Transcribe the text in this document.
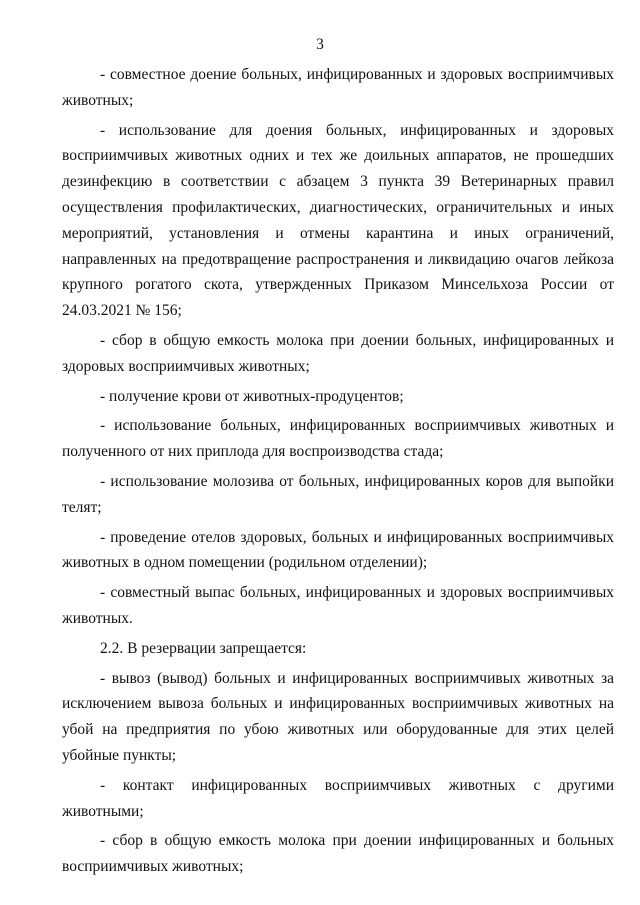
3

- совместное доение больных, инфицированных и здоровых восприимчивых животных;

- использование для доения больных, инфицированных и здоровых восприимчивых животных одних и тех же доильных аппаратов, не прошедших дезинфекцию в соответствии с абзацем 3 пункта 39 Ветеринарных правил осуществления профилактических, диагностических, ограничительных и иных мероприятий, установления и отмены карантина и иных ограничений, направленных на предотвращение распространения и ликвидацию очагов лейкоза крупного рогатого скота, утвержденных Приказом Минсельхоза России от 24.03.2021 № 156;

- сбор в общую емкость молока при доении больных, инфицированных и здоровых восприимчивых животных;

- получение крови от животных-продуцентов;

- использование больных, инфицированных восприимчивых животных и полученного от них приплода для воспроизводства стада;

- использование молозива от больных, инфицированных коров для выпойки телят;

- проведение отелов здоровых, больных и инфицированных восприимчивых животных в одном помещении (родильном отделении);

- совместный выпас больных, инфицированных и здоровых восприимчивых животных.

2.2. В резервации запрещается:

- вывоз (вывод) больных и инфицированных восприимчивых животных за исключением вывоза больных и инфицированных восприимчивых животных на убой на предприятия по убою животных или оборудованные для этих целей убойные пункты;

- контакт инфицированных восприимчивых животных с другими животными;

- сбор в общую емкость молока при доении инфицированных и больных восприимчивых животных;
